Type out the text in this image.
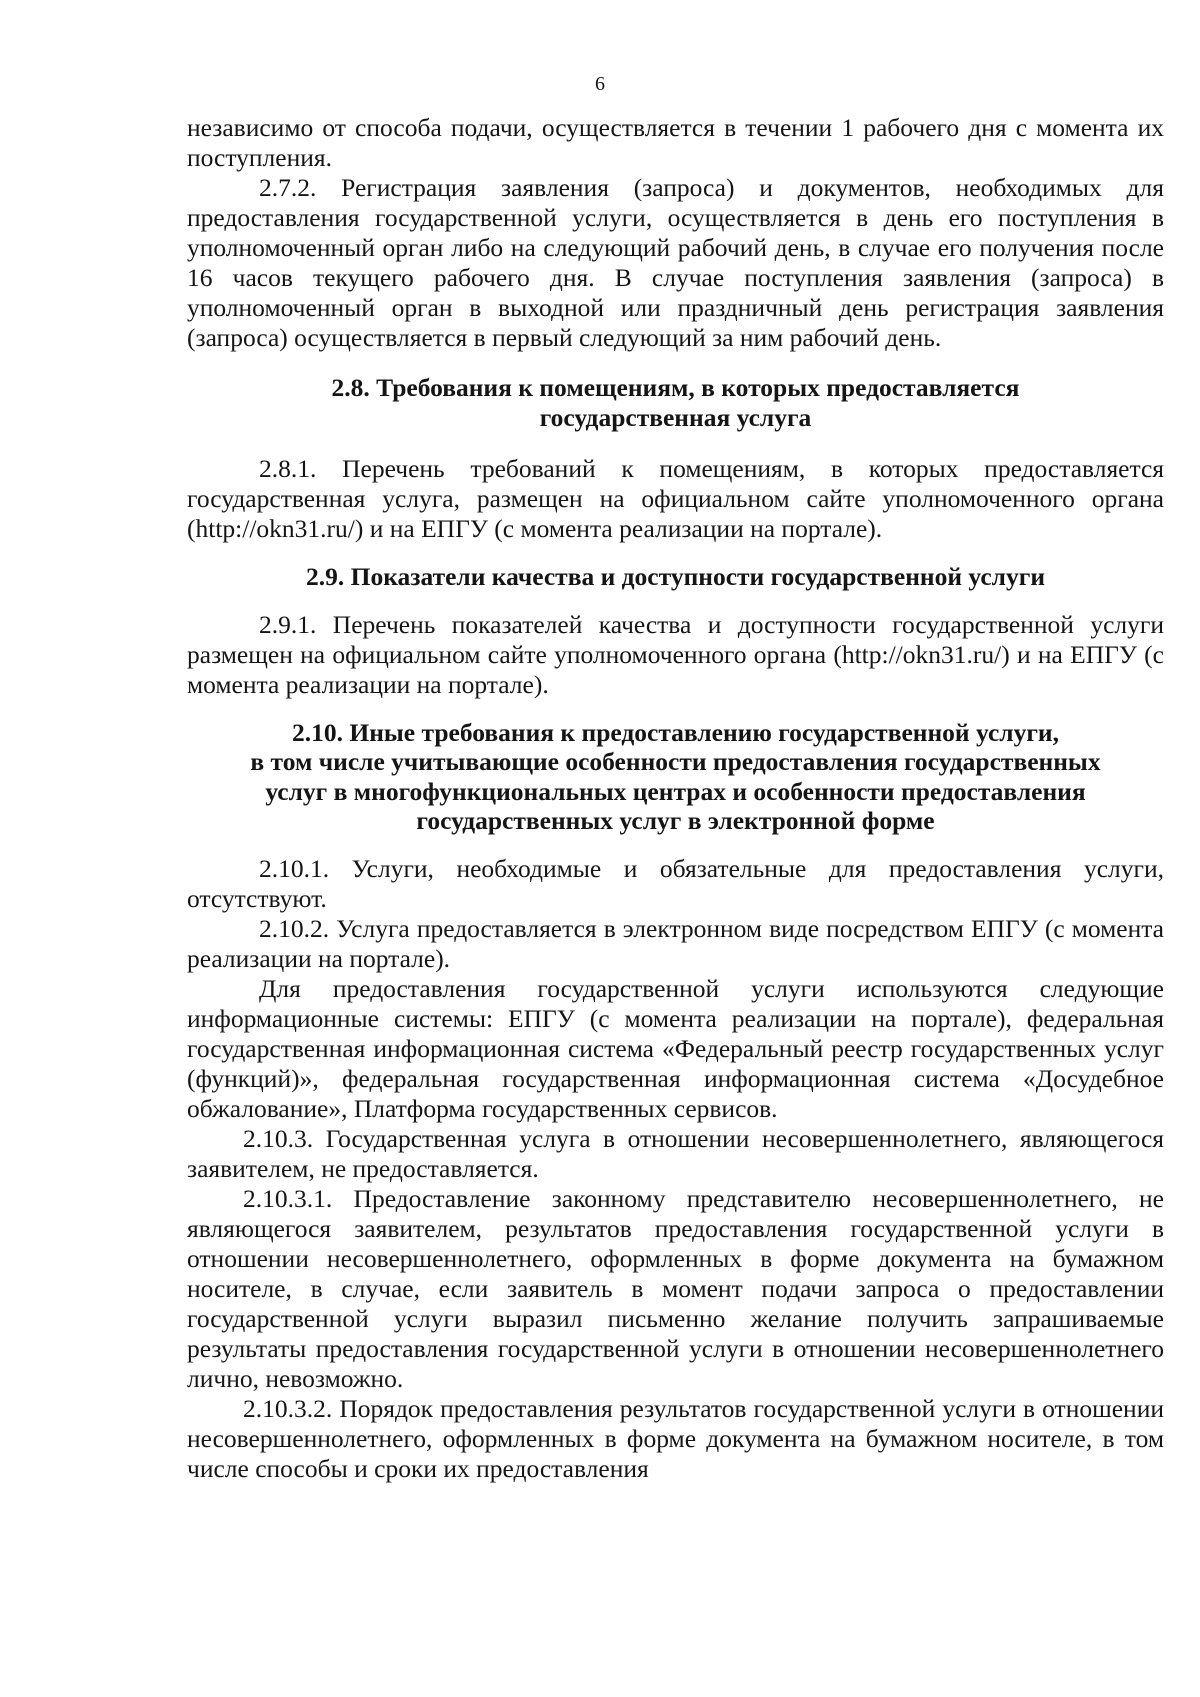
6

независимо от способа подачи, осуществляется в течении 1 рабочего дня с момента их поступления.

2.7.2. Регистрация заявления (запроса) и документов, необходимых для предоставления государственной услуги, осуществляется в день его поступления в уполномоченный орган либо на следующий рабочий день, в случае его получения после 16 часов текущего рабочего дня. В случае поступления заявления (запроса) в уполномоченный орган в выходной или праздничный день регистрация заявления (запроса) осуществляется в первый следующий за ним рабочий день.

2.8. Требования к помещениям, в которых предоставляется
государственная услуга

2.8.1. Перечень требований к помещениям, в которых предоставляется государственная услуга, размещен на официальном сайте уполномоченного органа (http://okn31.ru/) и на ЕПГУ (с момента реализации на портале).

2.9. Показатели качества и доступности государственной услуги

2.9.1. Перечень показателей качества и доступности государственной услуги размещен на официальном сайте уполномоченного органа (http://okn31.ru/) и на ЕПГУ (с момента реализации на портале).

2.10. Иные требования к предоставлению государственной услуги,
в том числе учитывающие особенности предоставления государственных
услуг в многофункциональных центрах и особенности предоставления
государственных услуг в электронной форме

2.10.1. Услуги, необходимые и обязательные для предоставления услуги, отсутствуют.

2.10.2. Услуга предоставляется в электронном виде посредством ЕПГУ (с момента реализации на портале).

Для предоставления государственной услуги используются следующие информационные системы: ЕПГУ (с момента реализации на портале), федеральная государственная информационная система «Федеральный реестр государственных услуг (функций)», федеральная государственная информационная система «Досудебное обжалование», Платформа государственных сервисов.

2.10.3. Государственная услуга в отношении несовершеннолетнего, являющегося заявителем, не предоставляется.

2.10.3.1. Предоставление законному представителю несовершеннолетнего, не являющегося заявителем, результатов предоставления государственной услуги в отношении несовершеннолетнего, оформленных в форме документа на бумажном носителе, в случае, если заявитель в момент подачи запроса о предоставлении государственной услуги выразил письменно желание получить запрашиваемые результаты предоставления государственной услуги в отношении несовершеннолетнего лично, невозможно.

2.10.3.2. Порядок предоставления результатов государственной услуги в отношении несовершеннолетнего, оформленных в форме документа на бумажном носителе, в том числе способы и сроки их предоставления
